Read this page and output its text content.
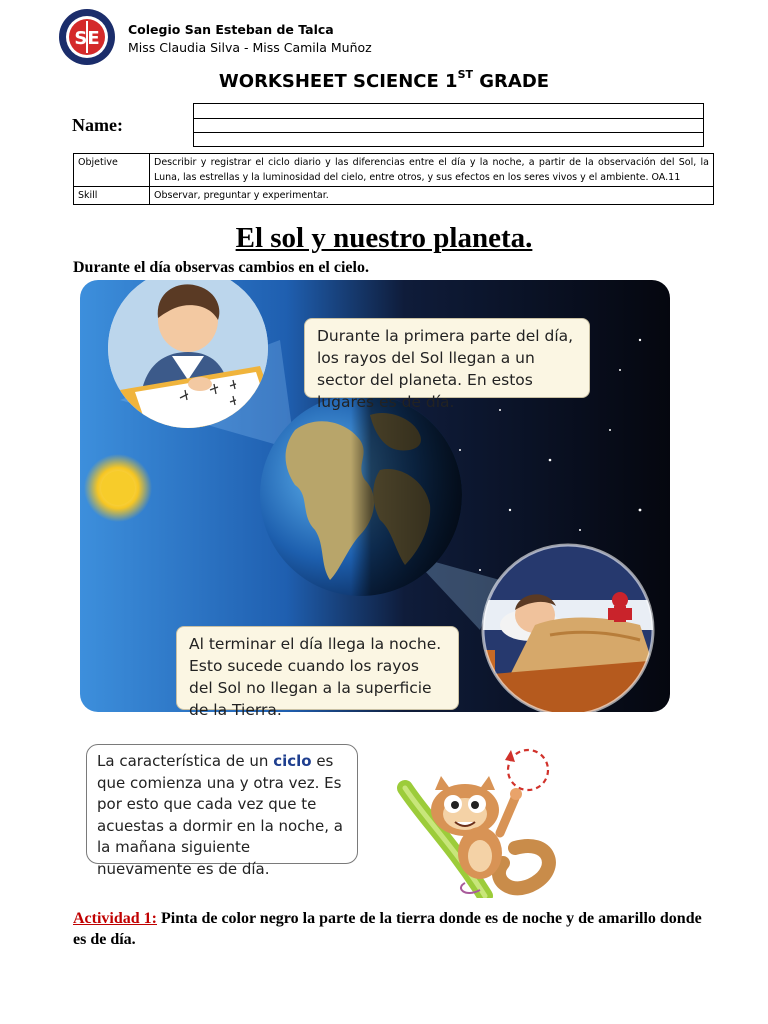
SE Colegio San Esteban de Talca
Miss Claudia Silva - Miss Camila Muñoz
WORKSHEET SCIENCE 1ST GRADE
Name:
Objetive	Describir y registrar el ciclo diario y las diferencias entre el día y la noche, a partir de la observación del Sol, la Luna, las estrellas y la luminosidad del cielo, entre otros, y sus efectos en los seres vivos y el ambiente. OA.11
Skill	Observar, preguntar y experimentar.
El sol y nuestro planeta.
Durante el día observas cambios en el cielo.
Durante la primera parte del día, los rayos del Sol llegan a un sector del planeta. En estos lugares es de día.
Al terminar el día llega la noche. Esto sucede cuando los rayos del Sol no llegan a la superficie de la Tierra.
La característica de un ciclo es que comienza una y otra vez. Es por esto que cada vez que te acuestas a dormir en la noche, a la mañana siguiente nuevamente es de día.
Actividad 1: Pinta de color negro la parte de la tierra donde es de noche y de amarillo donde es de día.
